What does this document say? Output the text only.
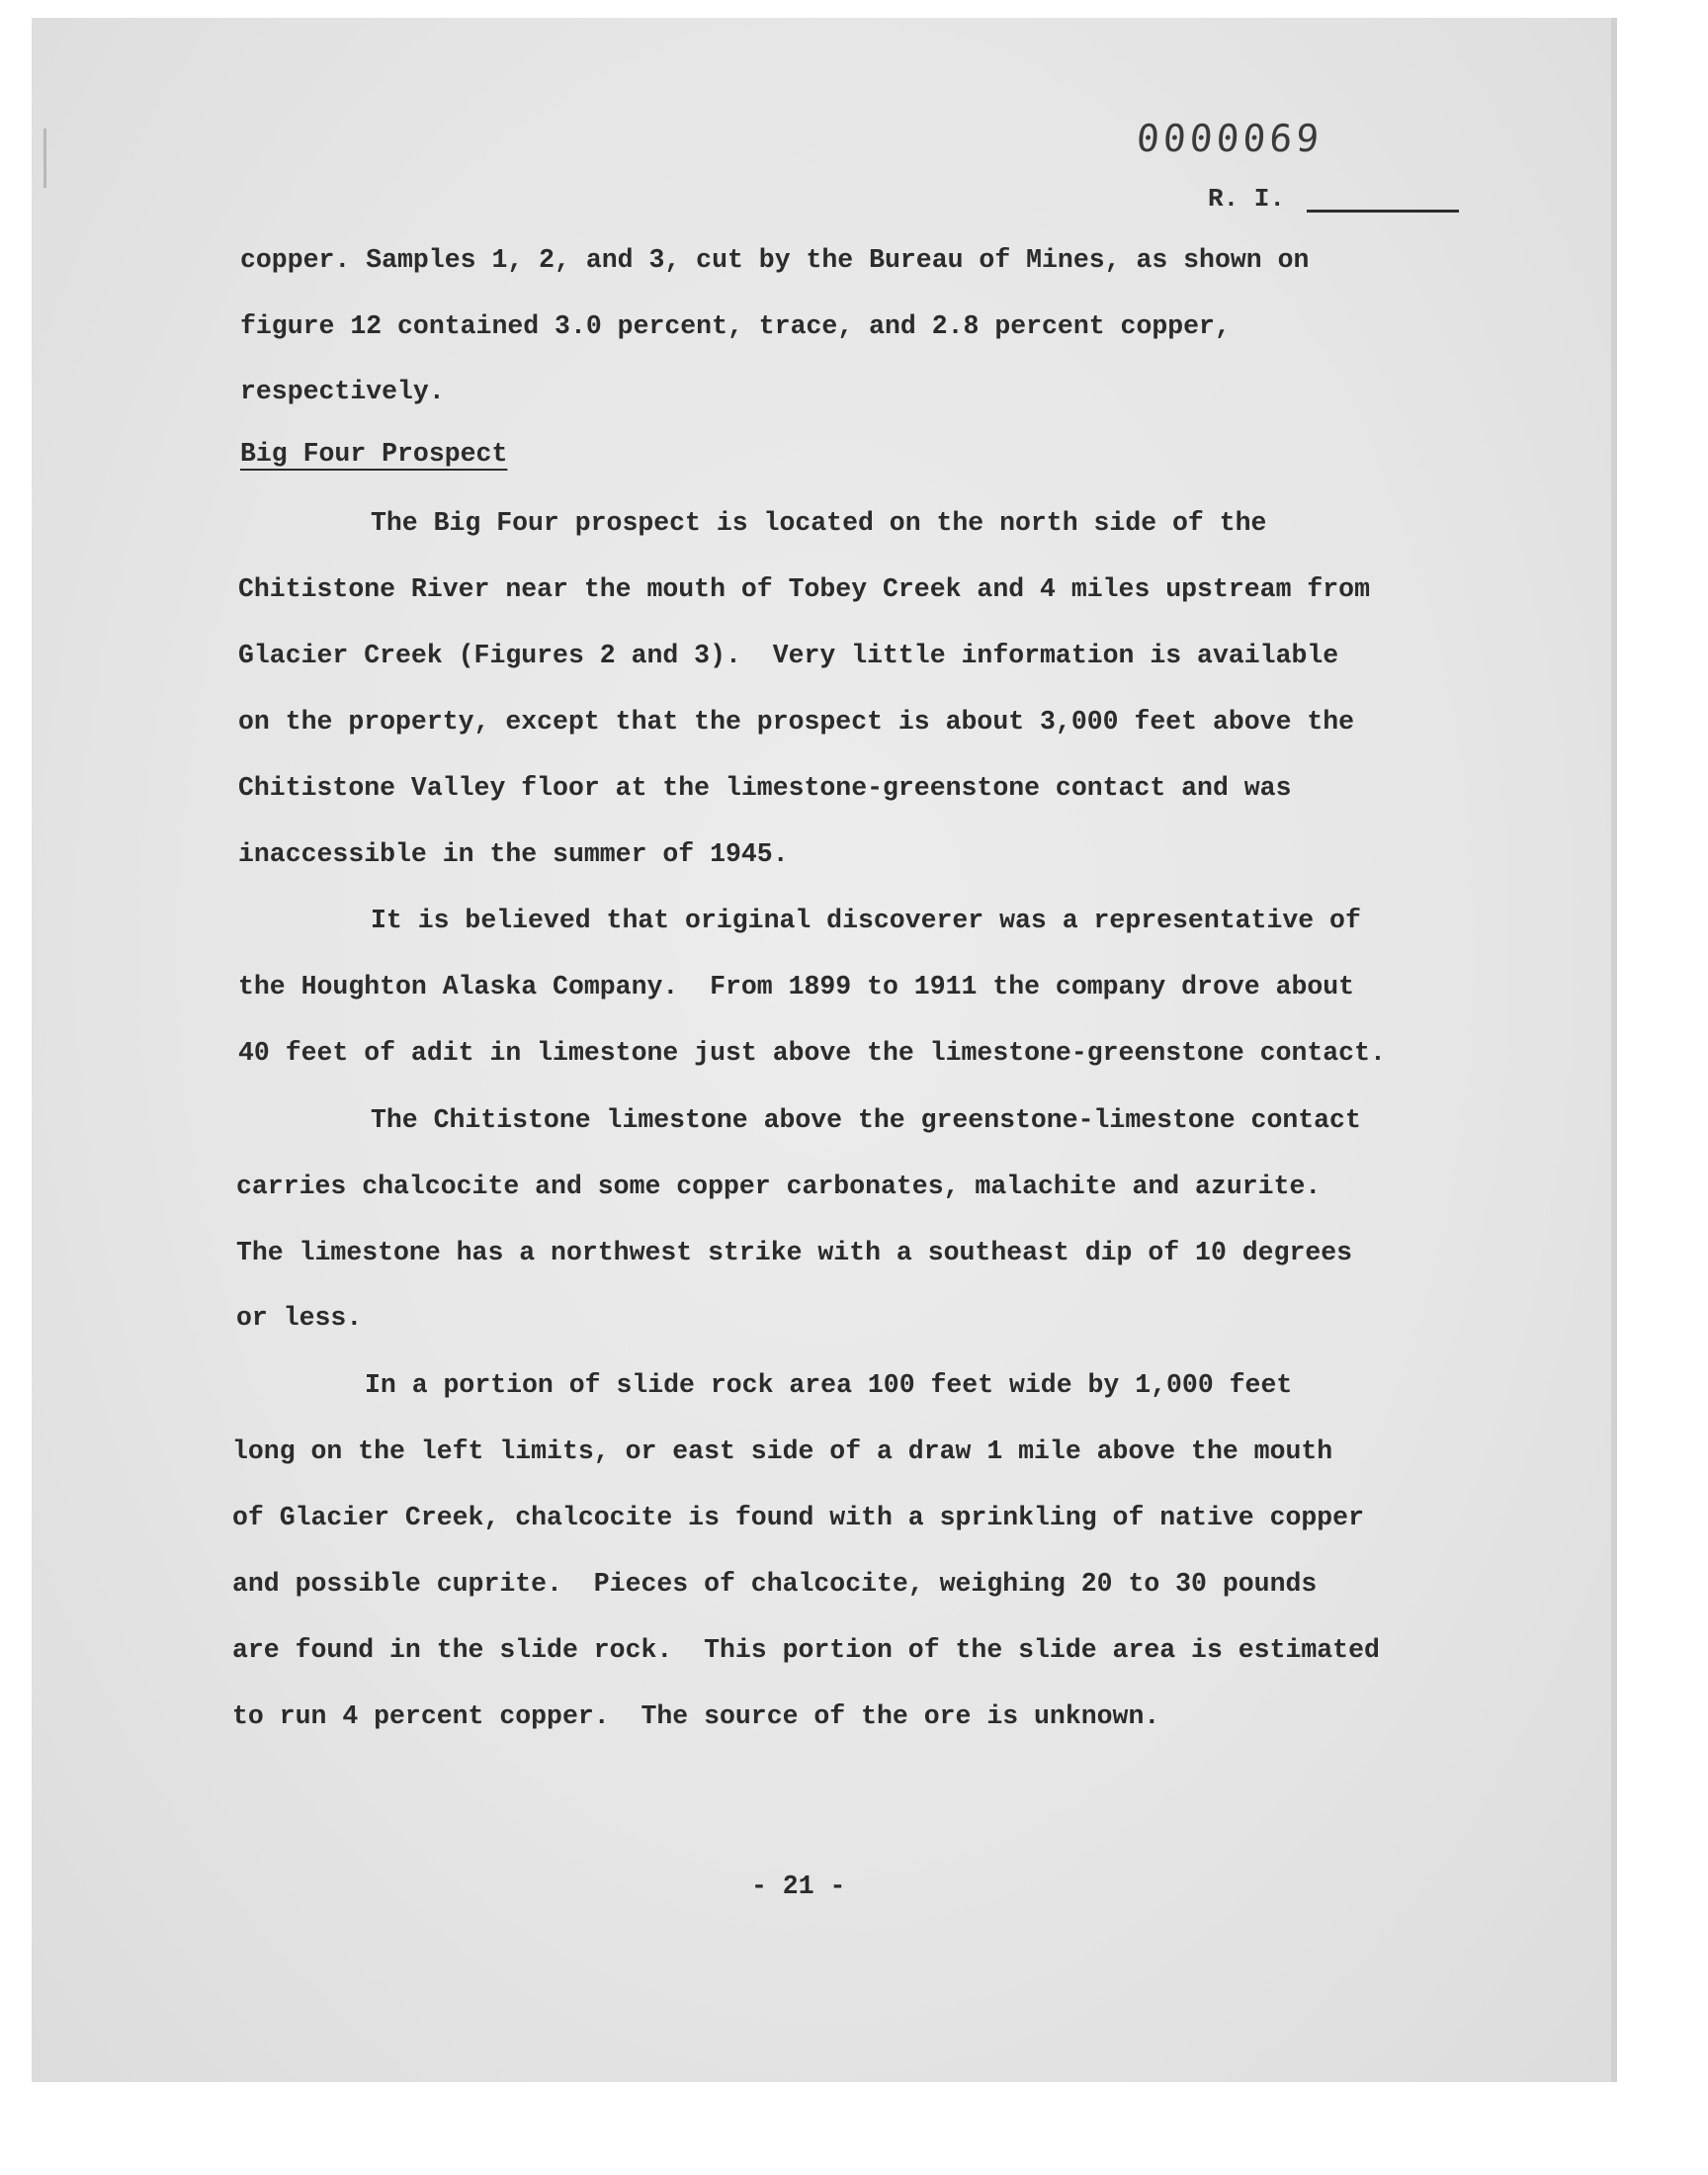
0000069
R. I.

copper. Samples 1, 2, and 3, cut by the Bureau of Mines, as shown on

figure 12 contained 3.0 percent, trace, and 2.8 percent copper,

respectively.

Big Four Prospect

The Big Four prospect is located on the north side of the

Chitistone River near the mouth of Tobey Creek and 4 miles upstream from

Glacier Creek (Figures 2 and 3).  Very little information is available

on the property, except that the prospect is about 3,000 feet above the

Chitistone Valley floor at the limestone-greenstone contact and was

inaccessible in the summer of 1945.

It is believed that original discoverer was a representative of

the Houghton Alaska Company.  From 1899 to 1911 the company drove about

40 feet of adit in limestone just above the limestone-greenstone contact.

The Chitistone limestone above the greenstone-limestone contact

carries chalcocite and some copper carbonates, malachite and azurite.

The limestone has a northwest strike with a southeast dip of 10 degrees

or less.

In a portion of slide rock area 100 feet wide by 1,000 feet

long on the left limits, or east side of a draw 1 mile above the mouth

of Glacier Creek, chalcocite is found with a sprinkling of native copper

and possible cuprite.  Pieces of chalcocite, weighing 20 to 30 pounds

are found in the slide rock.  This portion of the slide area is estimated

to run 4 percent copper.  The source of the ore is unknown.

- 21 -
